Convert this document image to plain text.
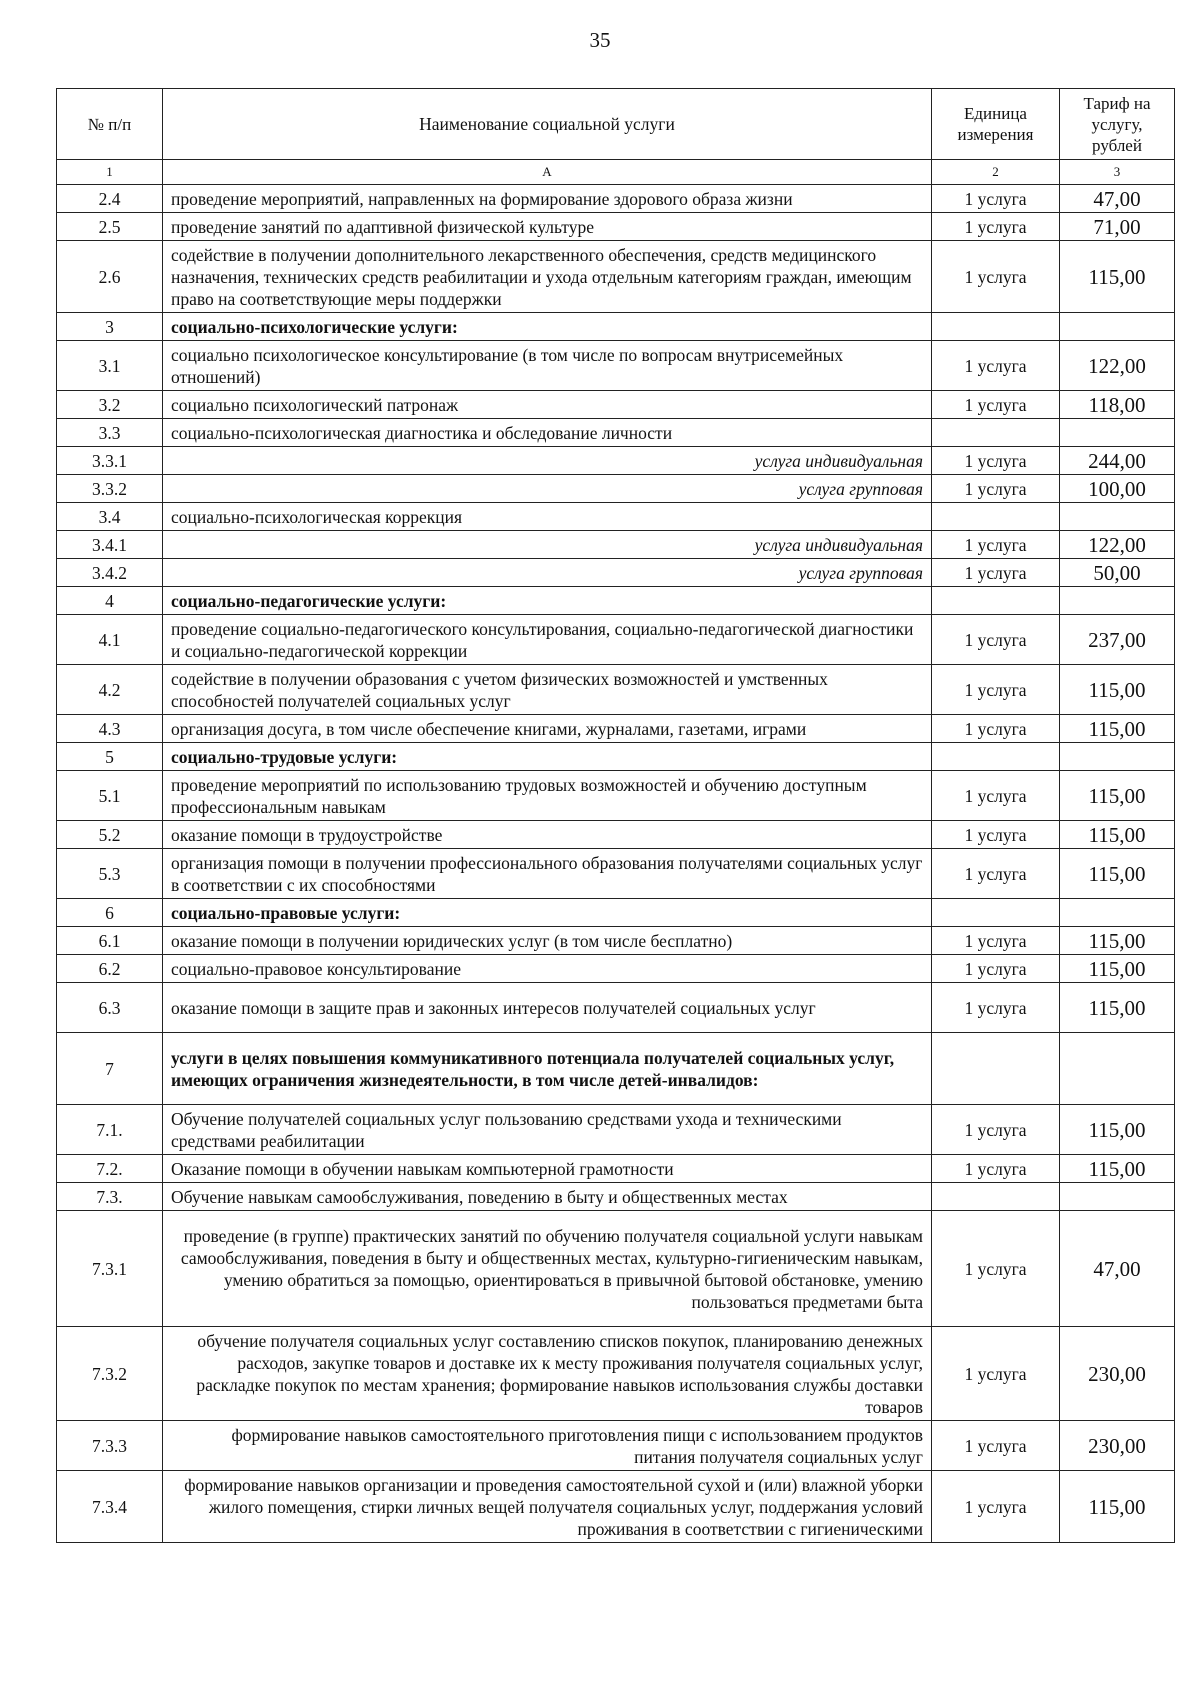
35
№ п/п	Наименование социальной услуги	Единица измерения	Тариф на услугу, рублей
1	А	2	3
2.4	проведение мероприятий, направленных на формирование здорового образа жизни	1 услуга	47,00
2.5	проведение занятий по адаптивной физической культуре	1 услуга	71,00
2.6	содействие в получении дополнительного лекарственного обеспечения, средств медицинского назначения, технических средств реабилитации и ухода отдельным категориям граждан, имеющим право на соответствующие меры поддержки	1 услуга	115,00
3	социально-психологические услуги:		
3.1	социально психологическое консультирование (в том числе по вопросам внутрисемейных отношений)	1 услуга	122,00
3.2	социально психологический патронаж	1 услуга	118,00
3.3	социально-психологическая диагностика и обследование личности		
3.3.1	услуга индивидуальная	1 услуга	244,00
3.3.2	услуга групповая	1 услуга	100,00
3.4	социально-психологическая коррекция		
3.4.1	услуга индивидуальная	1 услуга	122,00
3.4.2	услуга групповая	1 услуга	50,00
4	социально-педагогические услуги:		
4.1	проведение социально-педагогического консультирования, социально-педагогической диагностики и социально-педагогической коррекции	1 услуга	237,00
4.2	содействие в получении образования с учетом физических возможностей и умственных способностей получателей социальных услуг	1 услуга	115,00
4.3	организация досуга, в том числе обеспечение книгами, журналами, газетами, играми	1 услуга	115,00
5	социально-трудовые услуги:		
5.1	проведение мероприятий по использованию трудовых возможностей и обучению доступным профессиональным навыкам	1 услуга	115,00
5.2	оказание помощи в трудоустройстве	1 услуга	115,00
5.3	организация помощи в получении профессионального образования получателями социальных услуг в соответствии с их способностями	1 услуга	115,00
6	социально-правовые услуги:		
6.1	оказание помощи в получении юридических услуг (в том числе бесплатно)	1 услуга	115,00
6.2	социально-правовое консультирование	1 услуга	115,00
6.3	оказание помощи в защите прав и законных интересов получателей социальных услуг	1 услуга	115,00
7	услуги в целях повышения коммуникативного потенциала получателей социальных услуг, имеющих ограничения жизнедеятельности, в том числе детей-инвалидов:		
7.1.	Обучение получателей социальных услуг пользованию средствами ухода и техническими средствами реабилитации	1 услуга	115,00
7.2.	Оказание помощи в обучении навыкам компьютерной грамотности	1 услуга	115,00
7.3.	Обучение навыкам самообслуживания, поведению в быту и общественных местах		
7.3.1	проведение (в группе) практических занятий по обучению получателя социальной услуги навыкам самообслуживания, поведения в быту и общественных местах, культурно-гигиеническим навыкам, умению обратиться за помощью, ориентироваться в привычной бытовой обстановке, умению пользоваться предметами быта	1 услуга	47,00
7.3.2	обучение получателя социальных услуг составлению списков покупок, планированию денежных расходов, закупке товаров и доставке их к месту проживания получателя социальных услуг, раскладке покупок по местам хранения; формирование навыков использования службы доставки товаров	1 услуга	230,00
7.3.3	формирование навыков самостоятельного приготовления пищи с использованием продуктов питания получателя социальных услуг	1 услуга	230,00
7.3.4	формирование навыков организации и проведения самостоятельной сухой и (или) влажной уборки жилого помещения, стирки личных вещей получателя социальных услуг, поддержания условий проживания в соответствии с гигиеническими	1 услуга	115,00
